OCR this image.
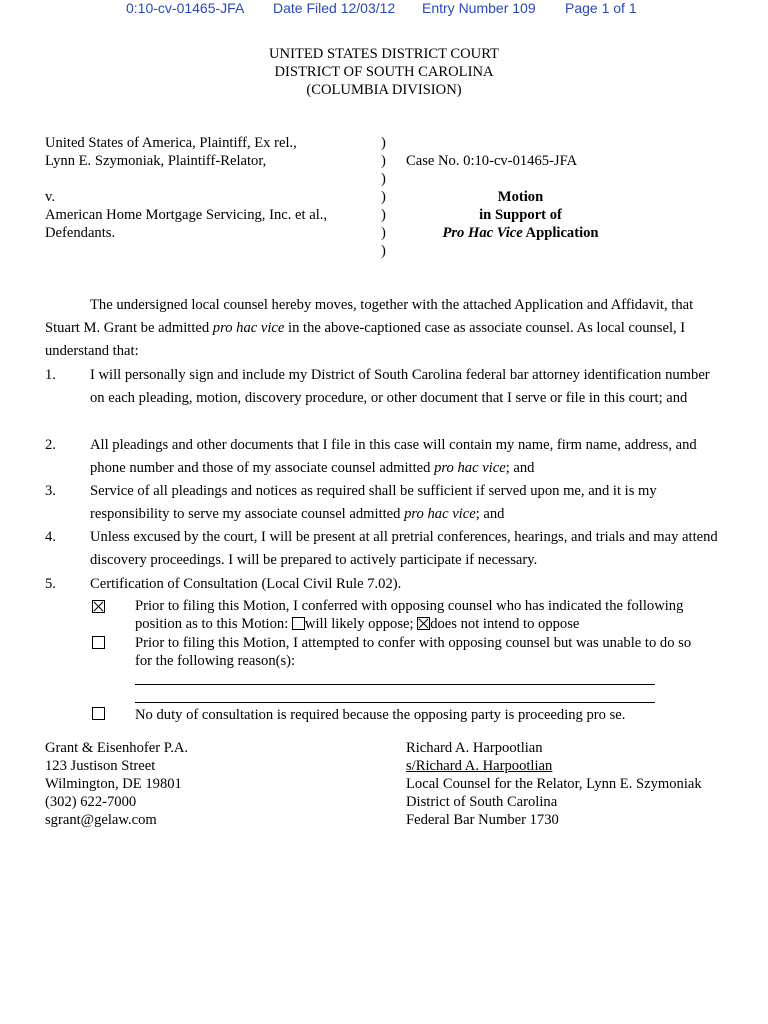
0:10-cv-01465-JFA Date Filed 12/03/12 Entry Number 109 Page 1 of 1
UNITED STATES DISTRICT COURT
DISTRICT OF SOUTH CAROLINA
(COLUMBIA DIVISION)
United States of America, Plaintiff, Ex rel.,
Lynn E. Szymoniak, Plaintiff-Relator,
v.
American Home Mortgage Servicing, Inc. et al.,
Defendants.
)
)
)
)
)
)
)
Case No. 0:10-cv-01465-JFA
Motion
in Support of
Pro Hac Vice Application
The undersigned local counsel hereby moves, together with the attached Application and Affidavit, that Stuart M. Grant be admitted pro hac vice in the above-captioned case as associate counsel. As local counsel, I understand that:
1. I will personally sign and include my District of South Carolina federal bar attorney identification number on each pleading, motion, discovery procedure, or other document that I serve or file in this court; and
2. All pleadings and other documents that I file in this case will contain my name, firm name, address, and phone number and those of my associate counsel admitted pro hac vice; and
3. Service of all pleadings and notices as required shall be sufficient if served upon me, and it is my responsibility to serve my associate counsel admitted pro hac vice; and
4. Unless excused by the court, I will be present at all pretrial conferences, hearings, and trials and may attend discovery proceedings. I will be prepared to actively participate if necessary.
5. Certification of Consultation (Local Civil Rule 7.02).
Prior to filing this Motion, I conferred with opposing counsel who has indicated the following
position as to this Motion: will likely oppose; does not intend to oppose
Prior to filing this Motion, I attempted to confer with opposing counsel but was unable to do so
for the following reason(s):
No duty of consultation is required because the opposing party is proceeding pro se.
Grant & Eisenhofer P.A.
123 Justison Street
Wilmington, DE 19801
(302) 622-7000
sgrant@gelaw.com
Richard A. Harpootlian
s/Richard A. Harpootlian
Local Counsel for the Relator, Lynn E. Szymoniak
District of South Carolina
Federal Bar Number 1730
